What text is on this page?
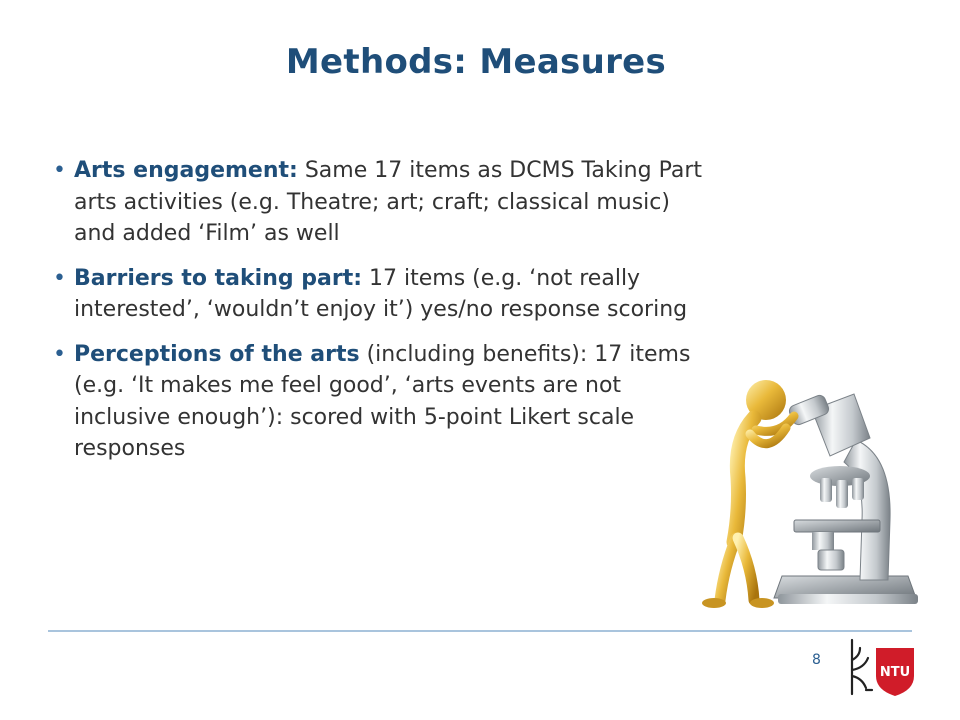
Methods: Measures
• Arts engagement: Same 17 items as DCMS Taking Part arts activities (e.g. Theatre; art; craft; classical music) and added ‘Film’ as well
• Barriers to taking part: 17 items (e.g. ‘not really interested’, ‘wouldn’t enjoy it’) yes/no response scoring
• Perceptions of the arts (including benefits): 17 items (e.g. ‘It makes me feel good’, ‘arts events are not inclusive enough’): scored with 5-point Likert scale responses
8
NTU
